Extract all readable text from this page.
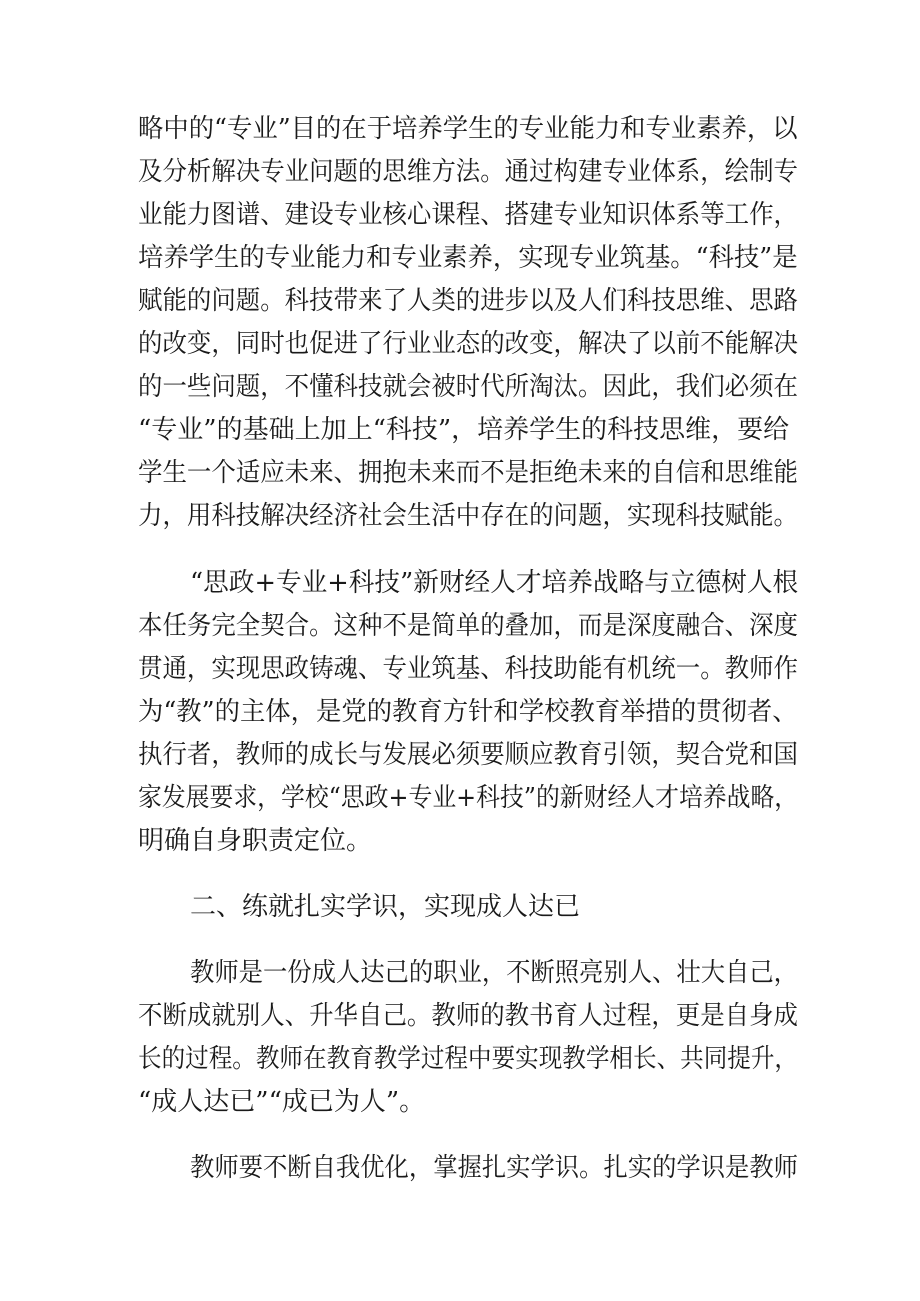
略中的“专业”目的在于培养学生的专业能力和专业素养，以
及分析解决专业问题的思维方法。通过构建专业体系，绘制专
业能力图谱、建设专业核心课程、搭建专业知识体系等工作，
培养学生的专业能力和专业素养，实现专业筑基。“科技”是
赋能的问题。科技带来了人类的进步以及人们科技思维、思路
的改变，同时也促进了行业业态的改变，解决了以前不能解决
的一些问题，不懂科技就会被时代所淘汰。因此，我们必须在
“专业”的基础上加上“科技”，培养学生的科技思维，要给
学生一个适应未来、拥抱未来而不是拒绝未来的自信和思维能
力，用科技解决经济社会生活中存在的问题，实现科技赋能。
“思政+专业+科技”新财经人才培养战略与立德树人根
本任务完全契合。这种不是简单的叠加，而是深度融合、深度
贯通，实现思政铸魂、专业筑基、科技助能有机统一。教师作
为“教”的主体，是党的教育方针和学校教育举措的贯彻者、
执行者，教师的成长与发展必须要顺应教育引领，契合党和国
家发展要求，学校“思政+专业+科技”的新财经人才培养战略，
明确自身职责定位。
二、练就扎实学识，实现成人达已
教师是一份成人达己的职业，不断照亮别人、壮大自己，
不断成就别人、升华自己。教师的教书育人过程，更是自身成
长的过程。教师在教育教学过程中要实现教学相长、共同提升，
“成人达已”“成已为人”。
教师要不断自我优化，掌握扎实学识。扎实的学识是教师
